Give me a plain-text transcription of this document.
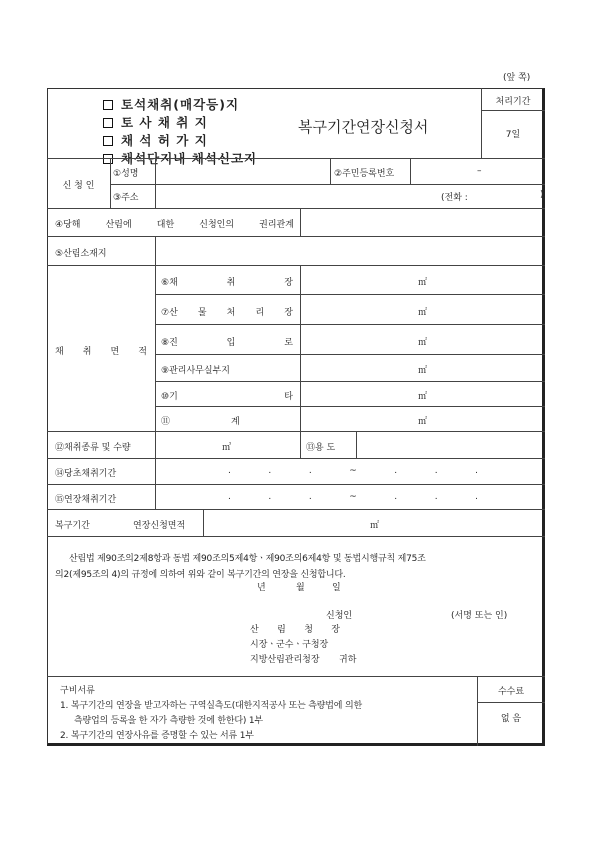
(앞 쪽)
토석채취(매각등)지
토 사 채 취 지
채 석 허 가 지
채석단지내 채석신고지
복구기간연장신청서
처리기간
7일
신 청 인
①성명	②주민등록번호	–
③주소	(전화 :	)
④당해	산림에	대한	신청인의	권리관계
⑤산림소재지
채 취 면 적
⑥채	취	장	㎡
⑦산 물 처 리 장	㎡
⑧진	입	로	㎡
⑨관리사무실부지	㎡
⑩기	타	㎡
⑪	계	㎡
⑫채취종류 및 수량	㎥	⑬용 도
⑭당초채취기간	.	.	.	~	.	.	.
⑮연장채취기간	.	.	.	~	.	.	.
복구기간	연장신청면적	㎡
산림법 제90조의2제8항과 동법 제90조의5제4항ㆍ제90조의6제4항 및 동법시행규칙 제75조
의2(제95조의 4)의 규정에 의하여 위와 같이 복구기간의 연장을 신청합니다.
년	월	일
신청인	(서명 또는 인)
산 림 청 장
시장ㆍ군수ㆍ구청장
지방산림관리청장 귀하
구비서류
1. 복구기간의 연장을 받고자하는 구역실측도(대한지적공사 또는 측량법에 의한
측량업의 등록을 한 자가 측량한 것에 한한다) 1부
2. 복구기간의 연장사유를 증명할 수 있는 서류 1부
수수료
없 음
